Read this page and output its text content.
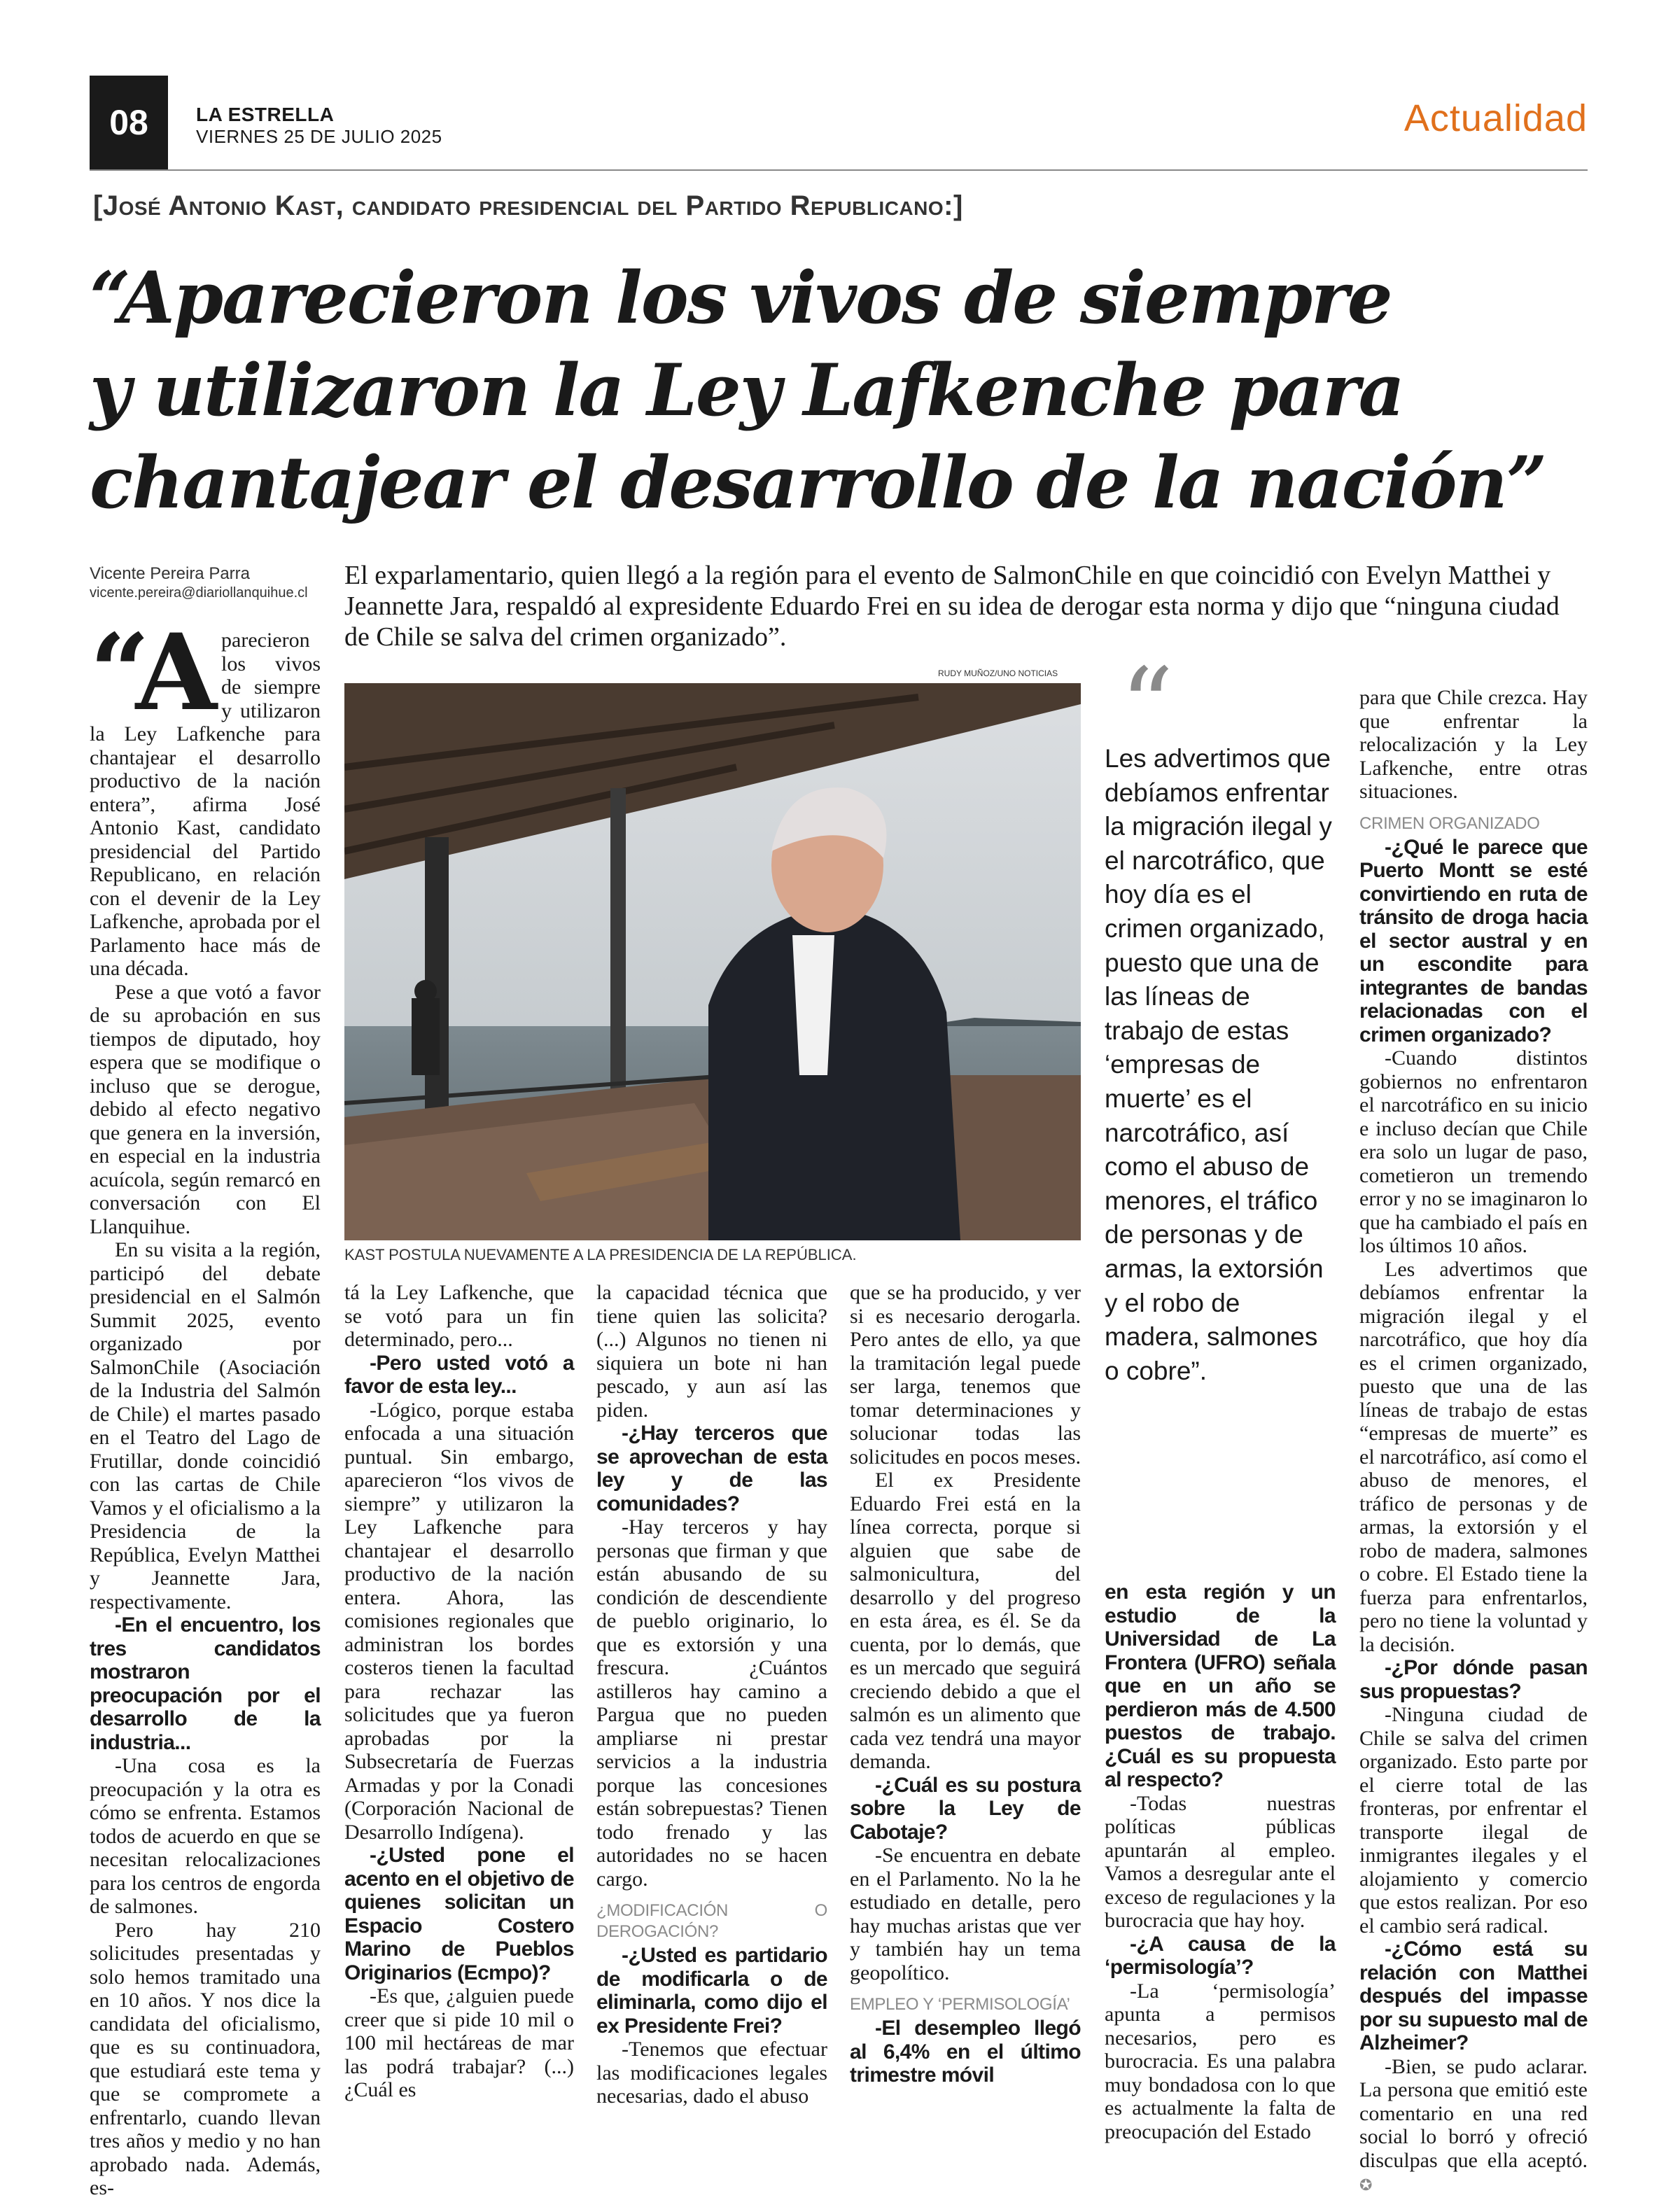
08	LA ESTRELLA
VIERNES 25 DE JULIO 2025	Actualidad
[José Antonio Kast, candidato presidencial del Partido Republicano:]
“Aparecieron los vivos de siempre
y utilizaron la Ley Lafkenche para
chantajear el desarrollo de la nación”
Vicente Pereira Parra
vicente.pereira@diariollanquihue.cl
El exparlamentario, quien llegó a la región para el evento de SalmonChile en que coincidió con Evelyn Matthei y Jeannette Jara, respaldó al expresidente Eduardo Frei en su idea de derogar esta norma y dijo que “ninguna ciudad de Chile se salva del crimen organizado”.
RUDY MUÑOZ/UNO NOTICIAS
KAST POSTULA NUEVAMENTE A LA PRESIDENCIA DE LA REPÚBLICA.
“
Les advertimos que debíamos enfrentar la migración ilegal y el narcotráfico, que hoy día es el crimen organizado, puesto que una de las líneas de trabajo de estas ‘empresas de muerte’ es el narcotráfico, así como el abuso de menores, el tráfico de personas y de armas, la extorsión y el robo de madera, salmones o cobre”.
“A parecieron los vivos de siempre y utilizaron la Ley Lafkenche para chantajear el desarrollo productivo de la nación entera”, afirma José Antonio Kast, candidato presidencial del Partido Republicano, en relación con el devenir de la Ley Lafkenche, aprobada por el Parlamento hace más de una década.

Pese a que votó a favor de su aprobación en sus tiempos de diputado, hoy espera que se modifique o incluso que se derogue, debido al efecto negativo que genera en la inversión, en especial en la industria acuícola, según remarcó en conversación con El Llanquihue.

En su visita a la región, participó del debate presidencial en el Salmón Summit 2025, evento organizado por SalmonChile (Asociación de la Industria del Salmón de Chile) el martes pasado en el Teatro del Lago de Frutillar, donde coincidió con las cartas de Chile Vamos y el oficialismo a la Presidencia de la República, Evelyn Matthei y Jeannette Jara, respectivamente.

-En el encuentro, los tres candidatos mostraron preocupación por el desarrollo de la industria...

-Una cosa es la preocupación y la otra es cómo se enfrenta. Estamos todos de acuerdo en que se necesitan relocalizaciones para los centros de engorda de salmones.

Pero hay 210 solicitudes presentadas y solo hemos tramitado una en 10 años. Y nos dice la candidata del oficialismo, que es su continuadora, que estudiará este tema y que se compromete a enfrentarlo, cuando llevan tres años y medio y no han aprobado nada. Además, es-

tá la Ley Lafkenche, que se votó para un fin determinado, pero...

-Pero usted votó a favor de esta ley...

-Lógico, porque estaba enfocada a una situación puntual. Sin embargo, aparecieron “los vivos de siempre” y utilizaron la Ley Lafkenche para chantajear el desarrollo productivo de la nación entera. Ahora, las comisiones regionales que administran los bordes costeros tienen la facultad para rechazar las solicitudes que ya fueron aprobadas por la Subsecretaría de Fuerzas Armadas y por la Conadi (Corporación Nacional de Desarrollo Indígena).

-¿Usted pone el acento en el objetivo de quienes solicitan un Espacio Costero Marino de Pueblos Originarios (Ecmpo)?

-Es que, ¿alguien puede creer que si pide 10 mil o 100 mil hectáreas de mar las podrá trabajar? (...) ¿Cuál es

la capacidad técnica que tiene quien las solicita? (...) Algunos no tienen ni siquiera un bote ni han pescado, y aun así las piden.

-¿Hay terceros que se aprovechan de esta ley y de las comunidades?

-Hay terceros y hay personas que firman y que están abusando de su condición de descendiente de pueblo originario, lo que es extorsión y una frescura. ¿Cuántos astilleros hay camino a Pargua que no pueden ampliarse ni prestar servicios a la industria porque las concesiones están sobrepuestas? Tienen todo frenado y las autoridades no se hacen cargo.

¿MODIFICACIÓN O DEROGACIÓN?

-¿Usted es partidario de modificarla o de eliminarla, como dijo el ex Presidente Frei?

-Tenemos que efectuar las modificaciones legales necesarias, dado el abuso

que se ha producido, y ver si es necesario derogarla. Pero antes de ello, ya que la tramitación legal puede ser larga, tenemos que tomar determinaciones y solucionar todas las solicitudes en pocos meses.

El ex Presidente Eduardo Frei está en la línea correcta, porque si alguien que sabe de salmonicultura, del desarrollo y del progreso en esta área, es él. Se da cuenta, por lo demás, que es un mercado que seguirá creciendo debido a que el salmón es un alimento que cada vez tendrá una mayor demanda.

-¿Cuál es su postura sobre la Ley de Cabotaje?

-Se encuentra en debate en el Parlamento. No la he estudiado en detalle, pero hay muchas aristas que ver y también hay un tema geopolítico.

EMPLEO Y ‘PERMISOLOGÍA’

-El desempleo llegó al 6,4% en el último trimestre móvil

en esta región y un estudio de la Universidad de La Frontera (UFRO) señala que en un año se perdieron más de 4.500 puestos de trabajo. ¿Cuál es su propuesta al respecto?

-Todas nuestras políticas públicas apuntarán al empleo. Vamos a desregular ante el exceso de regulaciones y la burocracia que hay hoy.

-¿A causa de la ‘permisología’?

-La ‘permisología’ apunta a permisos necesarios, pero es burocracia. Es una palabra muy bondadosa con lo que es actualmente la falta de preocupación del Estado

para que Chile crezca. Hay que enfrentar la relocalización y la Ley Lafkenche, entre otras situaciones.

CRIMEN ORGANIZADO

-¿Qué le parece que Puerto Montt se esté convirtiendo en ruta de tránsito de droga hacia el sector austral y en un escondite para integrantes de bandas relacionadas con el crimen organizado?

-Cuando distintos gobiernos no enfrentaron el narcotráfico en su inicio e incluso decían que Chile era solo un lugar de paso, cometieron un tremendo error y no se imaginaron lo que ha cambiado el país en los últimos 10 años.

Les advertimos que debíamos enfrentar la migración ilegal y el narcotráfico, que hoy día es el crimen organizado, puesto que una de las líneas de trabajo de estas “empresas de muerte” es el narcotráfico, así como el abuso de menores, el tráfico de personas y de armas, la extorsión y el robo de madera, salmones o cobre. El Estado tiene la fuerza para enfrentarlos, pero no tiene la voluntad y la decisión.

-¿Por dónde pasan sus propuestas?

-Ninguna ciudad de Chile se salva del crimen organizado. Esto parte por el cierre total de las fronteras, por enfrentar el transporte ilegal de inmigrantes ilegales y el alojamiento y comercio que estos realizan. Por eso el cambio será radical.

-¿Cómo está su relación con Matthei después del impasse por su supuesto mal de Alzheimer?

-Bien, se pudo aclarar. La persona que emitió este comentario en una red social lo borró y ofreció disculpas que ella aceptó. ✪
